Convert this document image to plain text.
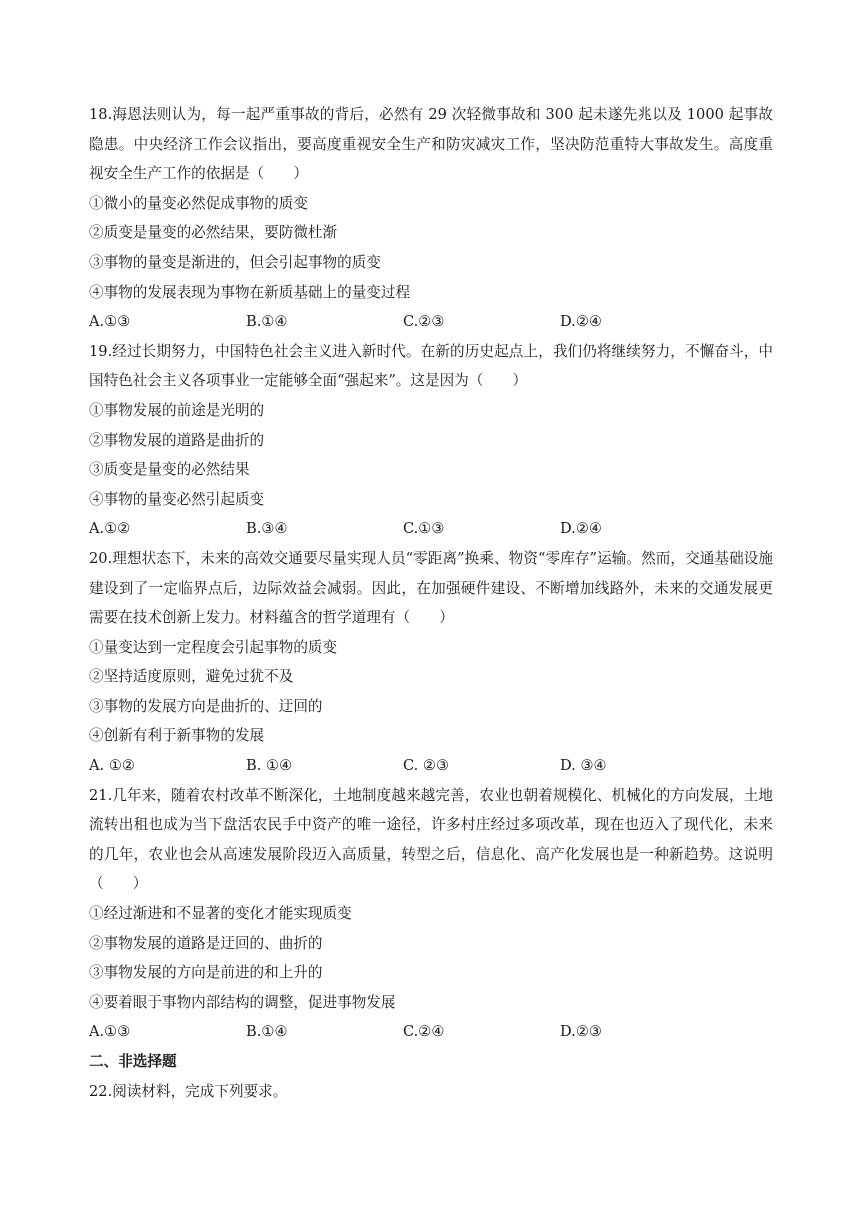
18.海恩法则认为，每一起严重事故的背后，必然有 29 次轻微事故和 300 起未遂先兆以及 1000 起事故隐患。中央经济工作会议指出，要高度重视安全生产和防灾减灾工作，坚决防范重特大事故发生。高度重视安全生产工作的依据是（　　）
①微小的量变必然促成事物的质变
②质变是量变的必然结果，要防微杜渐
③事物的量变是渐进的，但会引起事物的质变
④事物的发展表现为事物在新质基础上的量变过程
A.①③	B.①④	C.②③	D.②④
19.经过长期努力，中国特色社会主义进入新时代。在新的历史起点上，我们仍将继续努力，不懈奋斗，中国特色社会主义各项事业一定能够全面“强起来”。这是因为（　　）
①事物发展的前途是光明的
②事物发展的道路是曲折的
③质变是量变的必然结果
④事物的量变必然引起质变
A.①②	B.③④	C.①③	D.②④
20.理想状态下，未来的高效交通要尽量实现人员“零距离”换乘、物资“零库存”运输。然而，交通基础设施建设到了一定临界点后，边际效益会减弱。因此，在加强硬件建设、不断增加线路外，未来的交通发展更需要在技术创新上发力。材料蕴含的哲学道理有（　　）
①量变达到一定程度会引起事物的质变
②坚持适度原则，避免过犹不及
③事物的发展方向是曲折的、迂回的
④创新有利于新事物的发展
A. ①②	B. ①④	C. ②③	D. ③④
21.几年来，随着农村改革不断深化，土地制度越来越完善，农业也朝着规模化、机械化的方向发展，土地流转出租也成为当下盘活农民手中资产的唯一途径，许多村庄经过多项改革，现在也迈入了现代化，未来的几年，农业也会从高速发展阶段迈入高质量，转型之后，信息化、高产化发展也是一种新趋势。这说明（　　）
①经过渐进和不显著的变化才能实现质变
②事物发展的道路是迂回的、曲折的
③事物发展的方向是前进的和上升的
④要着眼于事物内部结构的调整，促进事物发展
A.①③	B.①④	C.②④	D.②③
二、非选择题
22.阅读材料，完成下列要求。
